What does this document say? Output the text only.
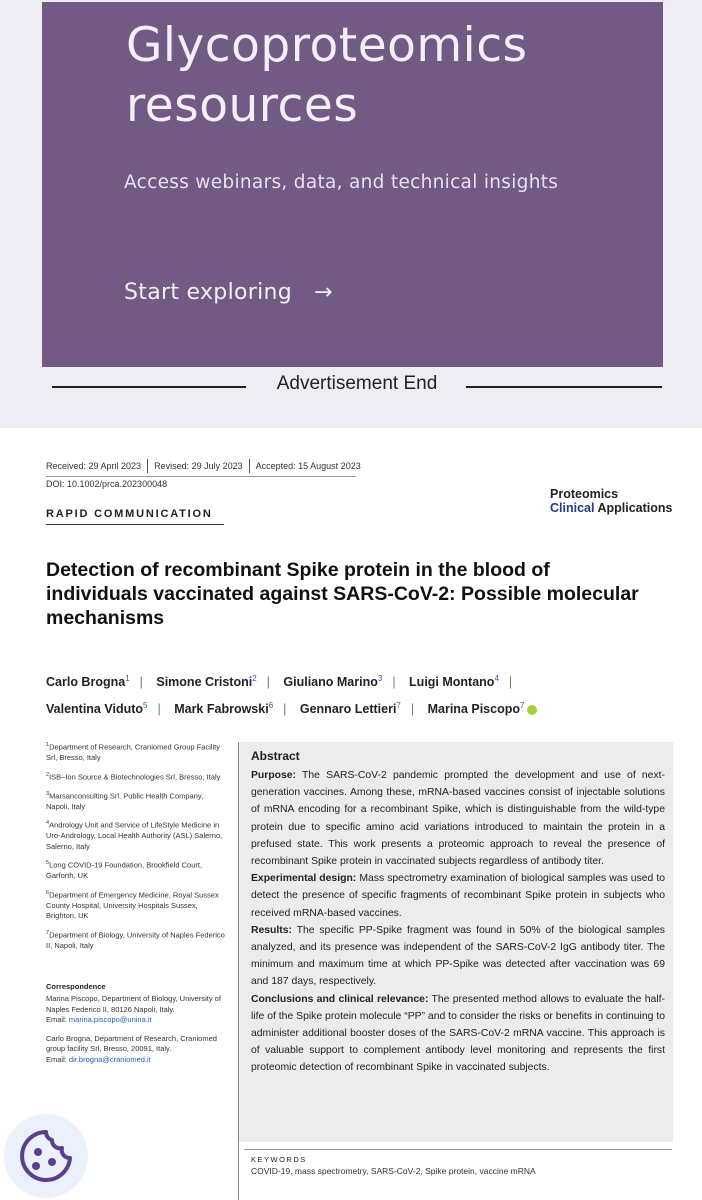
Glycoproteomics
resources
Access webinars, data, and technical insights
Start exploring →
Advertisement End
Received: 29 April 2023 Revised: 29 July 2023 Accepted: 15 August 2023
DOI: 10.1002/prca.202300048
Proteomics
Clinical Applications
RAPID COMMUNICATION
Detection of recombinant Spike protein in the blood of individuals vaccinated against SARS-CoV-2: Possible molecular mechanisms
Carlo Brogna$^1$ | Simone Cristoni$^2$ | Giuliano Marino$^3$ | Luigi Montano$^4$ |
Valentina Viduto$^5$ | Mark Fabrowski$^6$ | Gennaro Lettieri$^7$ | Marina Piscopo$^7$
$^1$Department of Research, Craniomed Group Facility Srl, Bresso, Italy
$^2$ISB–Ion Source & Biotechnologies Srl, Bresso, Italy
$^3$Marsanconsulting Srl. Public Health Company, Napoli, Italy
$^4$Andrology Unit and Service of LifeStyle Medicine in Uro-Andrology, Local Health Authority (ASL) Salerno, Salerno, Italy
$^5$Long COVID-19 Foundation, Brookfield Court, Garforth, UK
$^6$Department of Emergency Medicine, Royal Sussex County Hospital, University Hospitals Sussex, Brighton, UK
$^7$Department of Biology, University of Naples Federico II, Napoli, Italy
Correspondence
Marina Piscopo, Department of Biology, University of Naples Federico II, 80126 Napoli, Italy.
Email: marina.piscopo@unina.it
Carlo Brogna, Department of Research, Craniomed group facility Srl, Bresso, 20091, Italy.
Email: dir.brogna@craniomed.it
Abstract

Purpose: The SARS-CoV-2 pandemic prompted the development and use of next-generation vaccines. Among these, mRNA-based vaccines consist of injectable solutions of mRNA encoding for a recombinant Spike, which is distinguishable from the wild-type protein due to specific amino acid variations introduced to maintain the protein in a prefused state. This work presents a proteomic approach to reveal the presence of recombinant Spike protein in vaccinated subjects regardless of antibody titer.

Experimental design: Mass spectrometry examination of biological samples was used to detect the presence of specific fragments of recombinant Spike protein in subjects who received mRNA-based vaccines.

Results: The specific PP-Spike fragment was found in 50% of the biological samples analyzed, and its presence was independent of the SARS-CoV-2 IgG antibody titer. The minimum and maximum time at which PP-Spike was detected after vaccination was 69 and 187 days, respectively.

Conclusions and clinical relevance: The presented method allows to evaluate the half-life of the Spike protein molecule “PP” and to consider the risks or benefits in continuing to administer additional booster doses of the SARS-CoV-2 mRNA vaccine. This approach is of valuable support to complement antibody level monitoring and represents the first proteomic detection of recombinant Spike in vaccinated subjects.

KEYWORDS
COVID-19, mass spectrometry, SARS-CoV-2, Spike protein, vaccine mRNA
